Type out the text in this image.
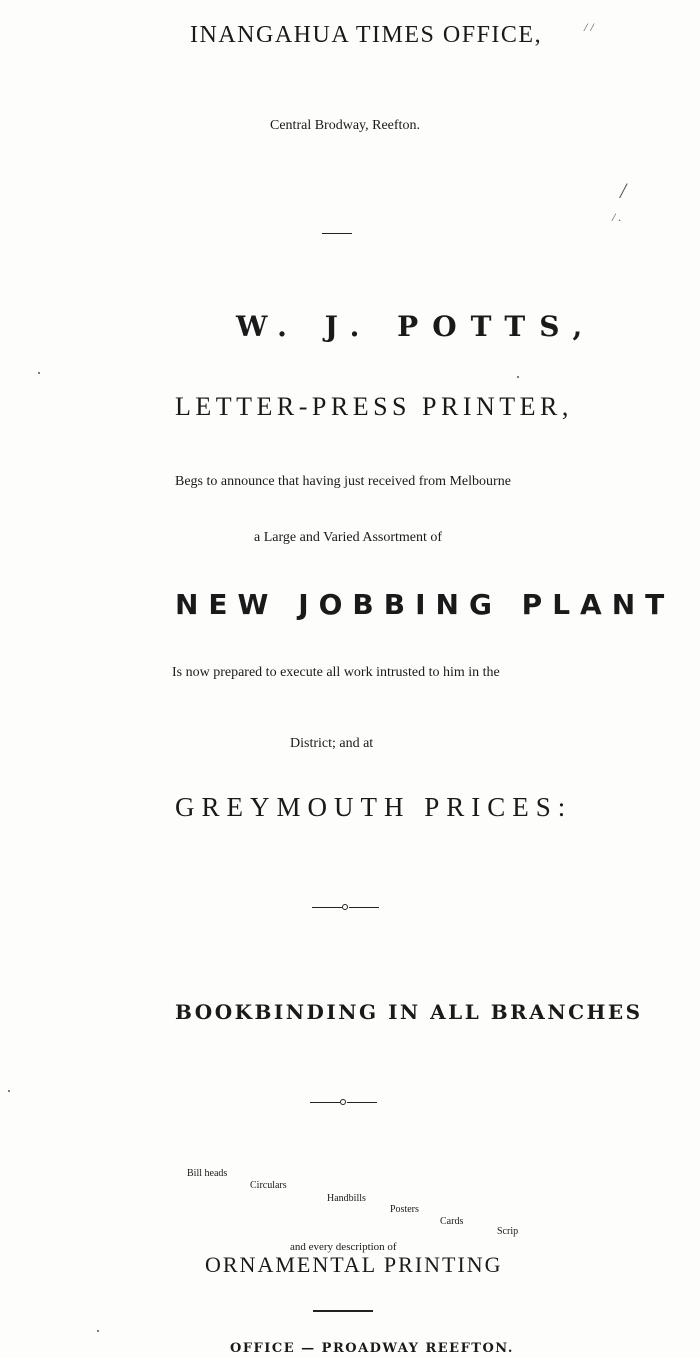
INANGAHUA TIMES OFFICE,	/ /
Central Brodway, Reefton.
/
/ .
W. J. POTTS,
LETTER-PRESS PRINTER,
Begs to announce that having just received from Melbourne
a Large and Varied Assortment of
NEW JOBBING PLANT
Is now prepared to execute all work intrusted to him in the
District; and at
GREYMOUTH PRICES:
BOOKBINDING IN ALL BRANCHES
Bill heads
Circulars
Handbills
Posters
Cards
Scrip
and every description of
ORNAMENTAL PRINTING
OFFICE — PROADWAY REEFTON.
